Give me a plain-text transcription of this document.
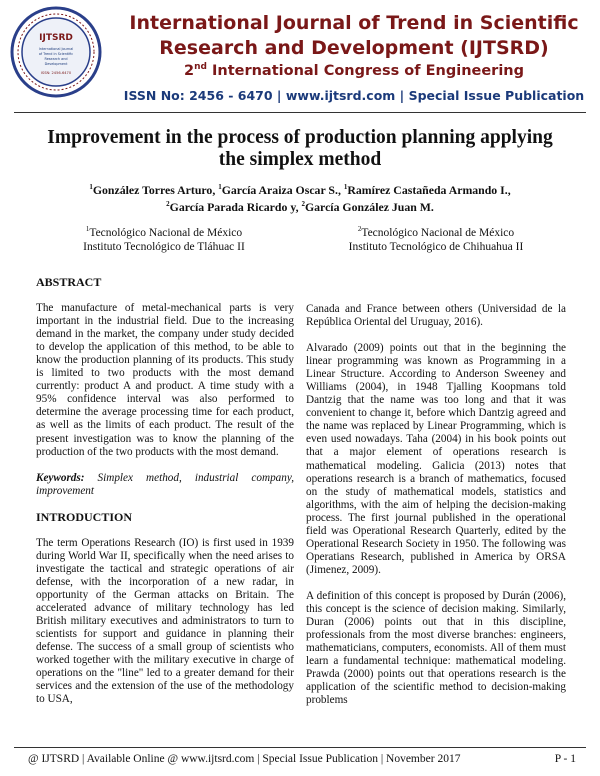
IJTSRD
International Journal
of Trend in Scientific
Research and
Development
ISSN: 2456-6470
International Journal of Trend in Scientific
Research and Development (IJTSRD)
2nd International Congress of Engineering
ISSN No: 2456 - 6470 | www.ijtsrd.com | Special Issue Publication
Improvement in the process of production planning applying
the simplex method
$^1$González Torres Arturo, $^1$García Araiza Oscar S., $^1$Ramírez Castañeda Armando I.,
$^2$García Parada Ricardo y, $^2$García González Juan M.
$^1$Tecnológico Nacional de México
Instituto Tecnológico de Tláhuac II
$^2$Tecnológico Nacional de México
Instituto Tecnológico de Chihuahua II
ABSTRACT
The manufacture of metal-mechanical parts is very important in the industrial field. Due to the increasing demand in the market, the company under study decided to develop the application of this method, to be able to know the production planning of its products. This study is limited to two products with the most demand currently: product A and product. A time study with a 95% confidence interval was also performed to determine the average processing time for each product, as well as the limits of each product. The result of the present investigation was to know the planning of the production of the two products with the most demand.
Keywords: Simplex method, industrial company, improvement
INTRODUCTION
The term Operations Research (IO) is first used in 1939 during World War II, specifically when the need arises to investigate the tactical and strategic operations of air defense, with the incorporation of a new radar, in opportunity of the German attacks on Britain. The accelerated advance of military technology has led British military executives and administrators to turn to scientists for support and guidance in planning their defense. The success of a small group of scientists who worked together with the military executive in charge of operations on the "line" led to a greater demand for their services and the extension of the use of the methodology to USA,
Canada and France between others (Universidad de la República Oriental del Uruguay, 2016).
Alvarado (2009) points out that in the beginning the linear programming was known as Programming in a Linear Structure. According to Anderson Sweeney and Williams (2004), in 1948 Tjalling Koopmans told Dantzig that the name was too long and that it was convenient to change it, before which Dantzig agreed and the name was replaced by Linear Programming, which is even used nowadays. Taha (2004) in his book points out that a major element of operations research is mathematical modeling. Galicia (2013) notes that operations research is a branch of mathematics, focused on the study of mathematical models, statistics and algorithms, with the aim of helping the decision-making process. The first journal published in the operational field was Operational Research Quarterly, edited by the Operational Research Society in 1950. The following was Operatians Research, published in America by ORSA (Jimenez, 2009).
A definition of this concept is proposed by Durán (2006), this concept is the science of decision making. Similarly, Duran (2006) points out that in this discipline, professionals from the most diverse branches: engineers, mathematicians, computers, economists. All of them must learn a fundamental technique: mathematical modeling. Prawda (2000) points out that operations research is the application of the scientific method to decision-making problems
@ IJTSRD | Available Online @ www.ijtsrd.com | Special Issue Publication | November 2017	P - 1
